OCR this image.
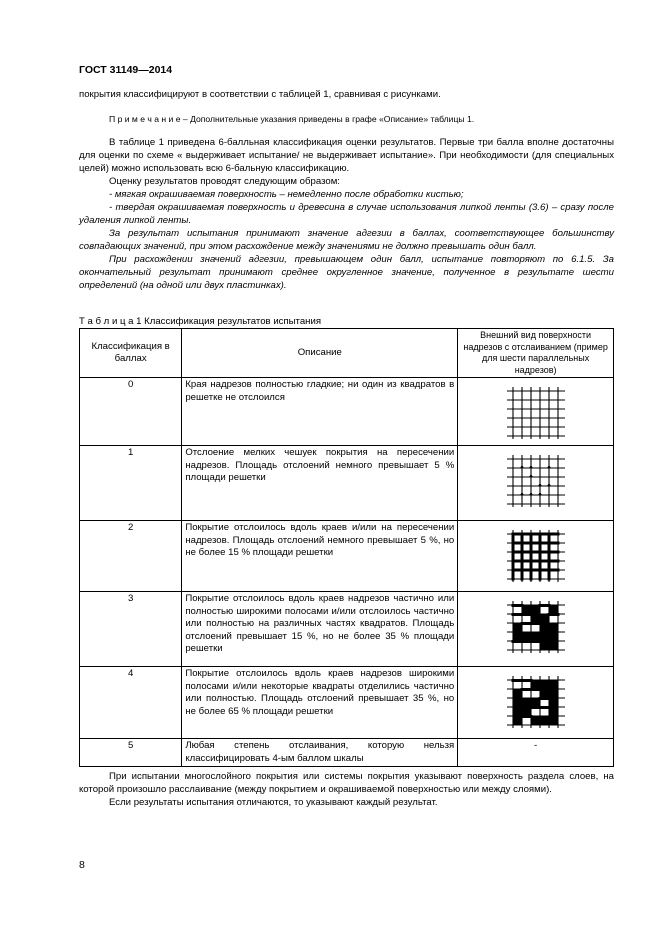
ГОСТ 31149—2014

покрытия классифицируют в соответствии с таблицей 1, сравнивая с рисунками.

П р и м е ч а н и е – Дополнительные указания приведены в графе «Описание» таблицы 1.

В таблице 1 приведена 6-балльная классификация оценки результатов. Первые три балла вполне достаточны для оценки по схеме « выдерживает испытание/ не выдерживает испытание». При необходимости (для специальных целей) можно использовать всю 6-бальную классификацию.

Оценку результатов проводят следующим образом:

- мягкая окрашиваемая поверхность – немедленно после обработки кистью;

- твердая окрашиваемая поверхность и древесина в случае использования липкой ленты (3.6) – сразу после удаления липкой ленты.

За результат испытания принимают значение адгезии в баллах, соответствующее большинству совпадающих значений, при этом расхождение между значениями не должно превышать один балл.

При расхождении значений адгезии, превышающем один балл, испытание повторяют по 6.1.5. За окончательный результат принимают среднее округленное значение, полученное в результате шести определений (на одной или двух пластинках).

Т а б л и ц а 1 Классификация результатов испытания
Классификация в баллах	Описание	Внешний вид поверхности надрезов с отслаиванием (пример для шести параллельных надрезов)
0	Края надрезов полностью гладкие; ни один из квадратов в решетке не отслоился	

1	Отслоение мелких чешуек покрытия на пересечении надрезов. Площадь отслоений немного превышает 5 % площади решетки	

2	Покрытие отслоилось вдоль краев и/или на пересечении надрезов. Площадь отслоений немного превышает 5 %, но не более 15 % площади решетки	

3	Покрытие отслоилось вдоль краев надрезов частично или полностью широкими полосами и/или отслоилось частично или полностью на различных частях квадратов. Площадь отслоений превышает 15 %, но не более 35 % площади решетки	

4	Покрытие отслоилось вдоль краев надрезов широкими полосами и/или некоторые квадраты отделились частично или полностью. Площадь отслоений превышает 35 %, но не более 65 % площади решетки	

5	Любая степень отслаивания, которую нельзя классифицировать 4-ым баллом шкалы	-

При испытании многослойного покрытия или системы покрытия указывают поверхность раздела слоев, на которой произошло расслаивание (между покрытием и окрашиваемой поверхностью или между слоями).

Если результаты испытания отличаются, то указывают каждый результат.

8
